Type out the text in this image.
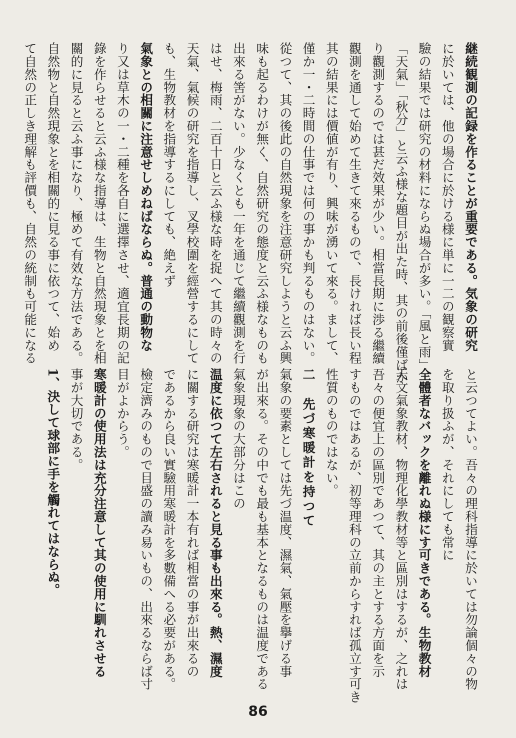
継続観測の記録を作ることが重要である。気象の研究
に於いては、他の場合に於ける様に単に一二の観察實
驗の結果では研究の材料にならぬ場合が多い。「風と雨」
「天氣」「秋分」と云ふ様な題目が出た時、其の前後僅ばか
り觀測するのでは甚だ效果が少い。相當長期に渉る繼續
觀測を通して始めて生きて來るもので、長ければ長い程
其の結果には價値が有り、興味が湧いて來る。まして、
僅か一・二時間の仕事では何の事かも判るものはない。
從つて、其の後此の自然現象を注意研究しようと云ふ興
味も起るわけが無く、自然研究の態度と云ふ様なものも
出來る筈がない。少なくとも一年を通じて繼續觀測を行
はせ、梅雨、二百十日と云ふ様な時を捉へて其の時々の
天氣、氣候の研究を指導し、叉學校圍を經營するにして
も、生物教材を指導するにしても、絶えず
氣象との相關に注意せしめねばならぬ。普通の動物な
り又は草木の一・二種を各自に選擇させ、適宜長期の記
錄を作らせると云ふ様な指導は、生物と自然現象とを相
關的に見ると云ふ事になり、極めて有效な方法である。
自然物と自然現象とを相關的に見る事に依つて、始め
て自然の正しき理解も評價も、自然の統制も可能になる
と云つてよい。吾々の理科指導に於いては勿論個々の物
を取り扱ふが、それにしても常に
全體者なバックを離れぬ様にす可きである。生物教材
天文氣象教材、物理化學教材等と區別はするが、之れは
吾々の便宜上の區別であつて、其の主とする方面を示
すものではあるが、初等理科の立前からすれば孤立す可き
性質のものではない。
二　先づ寒暖計を持つて
氣象の要素としては先づ温度、濕氣、氣壓を擧げる事
が出來る。その中でも最も基本となるものは温度である
氣象現象の大部分はこの
温度に依つて左右されると見る事も出來る。熱、濕度
に關する研究は寒暖計一本有れば相當の事が出來るの
であるから良い實驗用寒暖計を多數備へる必要がある。
檢定濟みのもので目盛の讀み易いもの、出來るならば寸
目がよからう。
寒暖計の使用法は充分注意して其の使用に馴れさせる
事が大切である。
1、決して球部に手を觸れてはならぬ。
86
